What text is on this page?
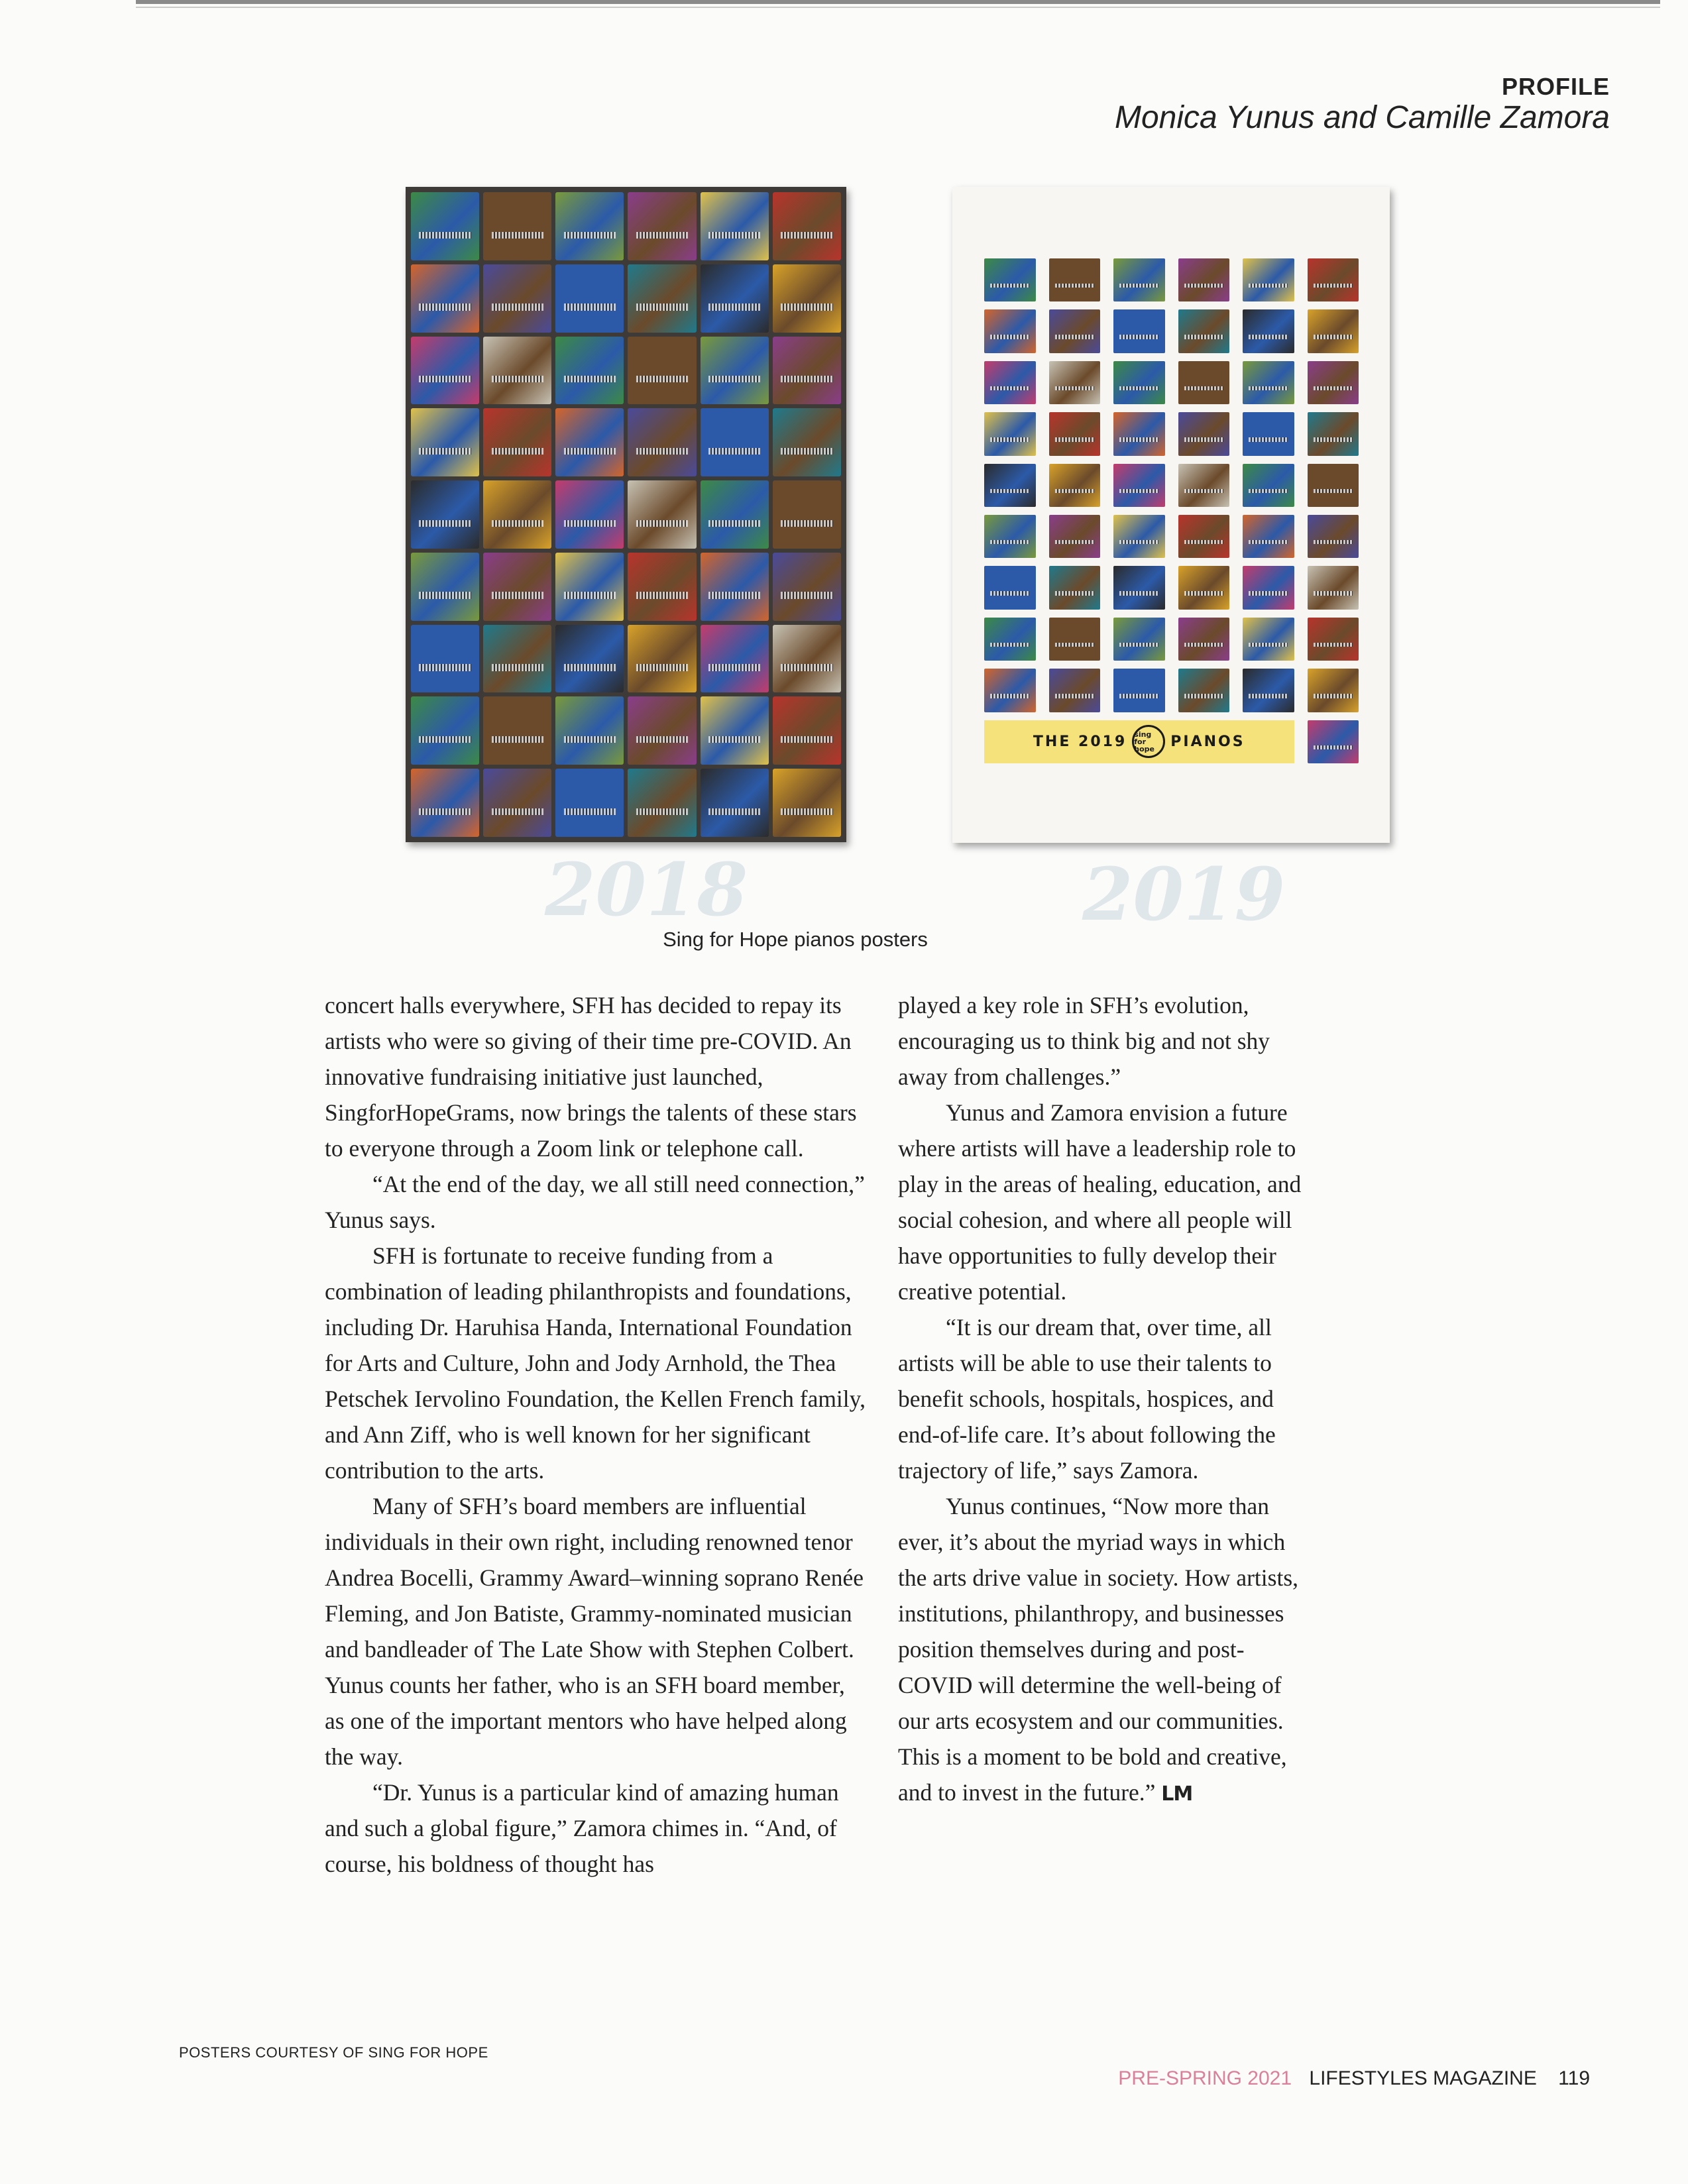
PROFILE
Monica Yunus and Camille Zamora
THE 2019 sing for hope	PIANOS
2018	2019
Sing for Hope pianos posters

concert halls everywhere, SFH has decided to repay its artists who were so giving of their time pre-COVID. An innovative fundraising initiative just launched, SingforHopeGrams, now brings the talents of these stars to everyone through a Zoom link or telephone call.

“At the end of the day, we all still need connection,” Yunus says.

SFH is fortunate to receive funding from a combination of leading philanthropists and foundations, including Dr. Haruhisa Handa, International Foundation for Arts and Culture, John and Jody Arnhold, the Thea Petschek Iervolino Foundation, the Kellen French family, and Ann Ziff, who is well known for her significant contribution to the arts.

Many of SFH’s board members are influential individuals in their own right, including renowned tenor Andrea Bocelli, Grammy Award–winning soprano Renée Fleming, and Jon Batiste, Grammy-nominated musician and bandleader of The Late Show with Stephen Colbert. Yunus counts her father, who is an SFH board member, as one of the important mentors who have helped along the way.

“Dr. Yunus is a particular kind of amazing human and such a global figure,” Zamora chimes in. “And, of course, his boldness of thought has

played a key role in SFH’s evolution, encouraging us to think big and not shy away from challenges.”

Yunus and Zamora envision a future where artists will have a leadership role to play in the areas of healing, education, and social cohesion, and where all people will have opportunities to fully develop their creative potential.

“It is our dream that, over time, all artists will be able to use their talents to benefit schools, hospitals, hospices, and end-of-life care. It’s about following the trajectory of life,” says Zamora.

Yunus continues, “Now more than ever, it’s about the myriad ways in which the arts drive value in society. How artists, institutions, philanthropy, and businesses position themselves during and post-COVID will determine the well-being of our arts ecosystem and our communities. This is a moment to be bold and creative, and to invest in the future.” LM

POSTERS COURTESY OF SING FOR HOPE
PRE-SPRING 2021 LIFESTYLES MAGAZINE 119
